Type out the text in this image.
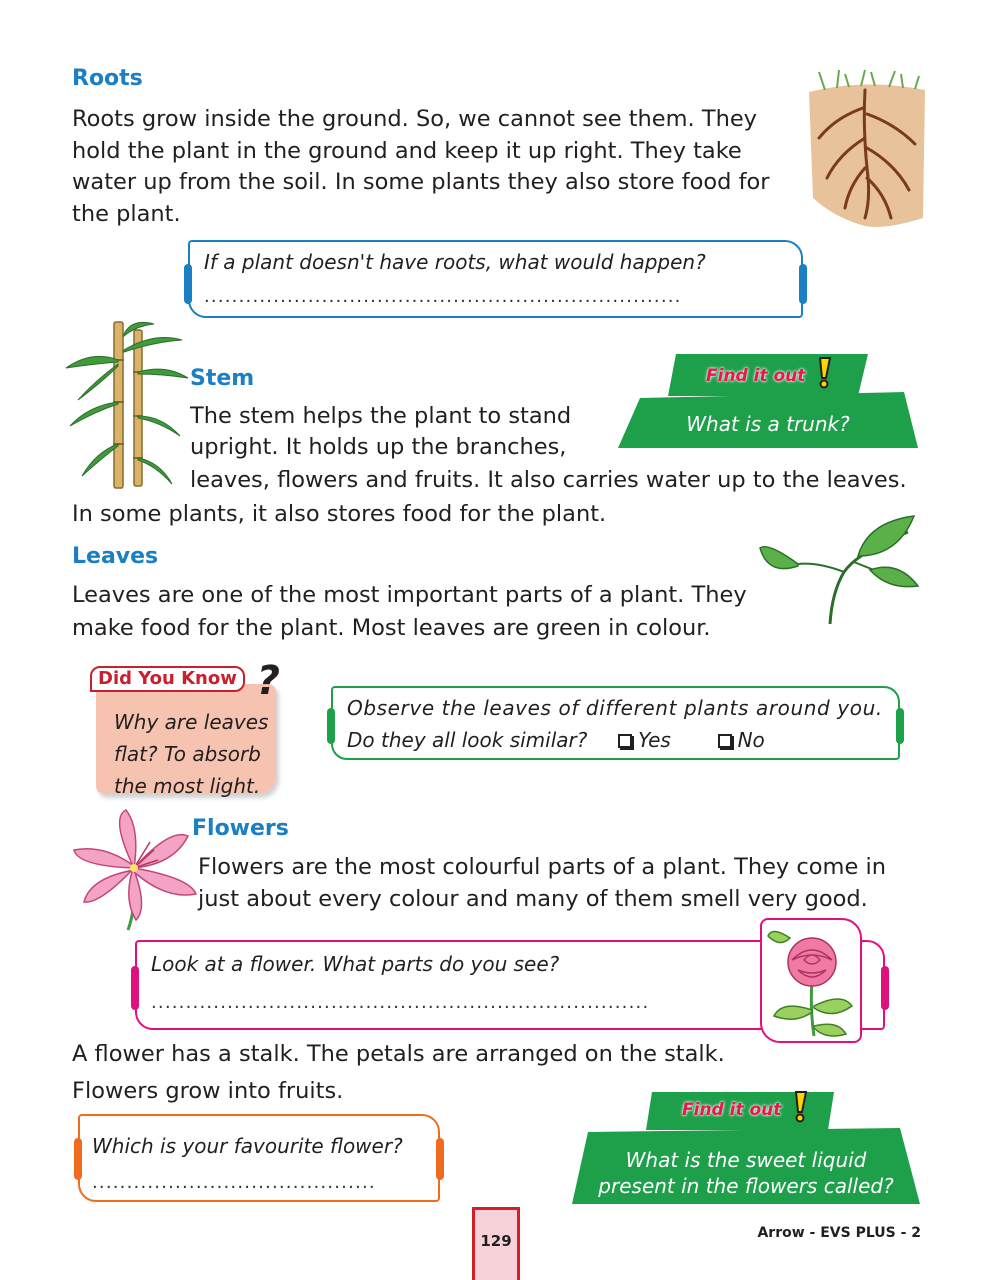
Roots
Roots grow inside the ground. So, we cannot see them. They
hold the plant in the ground and keep it up right. They take
water up from the soil. In some plants they also store food for
the plant.
If a plant doesn't have roots, what would happen?
.....................................................................
Stem
The stem helps the plant to stand
upright. It holds up the branches,
leaves, flowers and fruits. It also carries water up to the leaves.
In some plants, it also stores food for the plant.
Find it out
What is a trunk?
Leaves
Leaves are one of the most important parts of a plant. They
make food for the plant. Most leaves are green in colour.
Why are leaves
flat? To absorb
the most light.
Did You Know ?
Observe the leaves of different plants around you.
Do they all look similar?	Yes	No
Flowers
Flowers are the most colourful parts of a plant. They come in
just about every colour and many of them smell very good.
Look at a flower. What parts do you see?
........................................................................
A flower has a stalk. The petals are arranged on the stalk.
Flowers grow into fruits.
Which is your favourite flower?
.........................................
Find it out
What is the sweet liquid
present in the flowers called?
129	Arrow - EVS PLUS - 2
